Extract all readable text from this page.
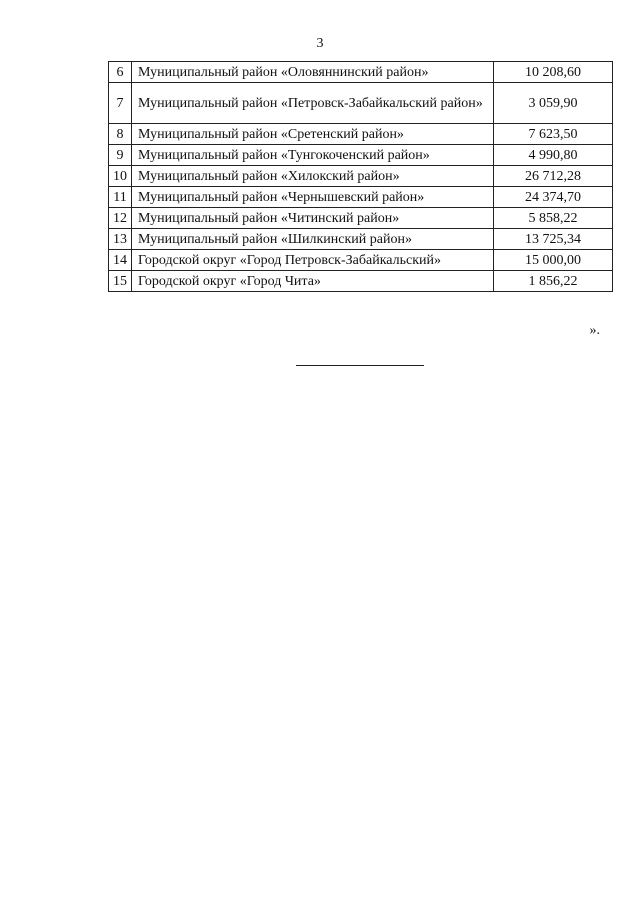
3
6	Муниципальный район «Оловяннинский район»	10 208,60
7	Муниципальный район «Петровск-Забайкальский район»	3 059,90
8	Муниципальный район «Сретенский район»	7 623,50
9	Муниципальный район «Тунгокоченский район»	4 990,80
10	Муниципальный район «Хилокский район»	26 712,28
11	Муниципальный район «Чернышевский район»	24 374,70
12	Муниципальный район «Читинский район»	5 858,22
13	Муниципальный район «Шилкинский район»	13 725,34
14	Городской округ «Город Петровск-Забайкальский»	15 000,00
15	Городской округ «Город Чита»	1 856,22
».
